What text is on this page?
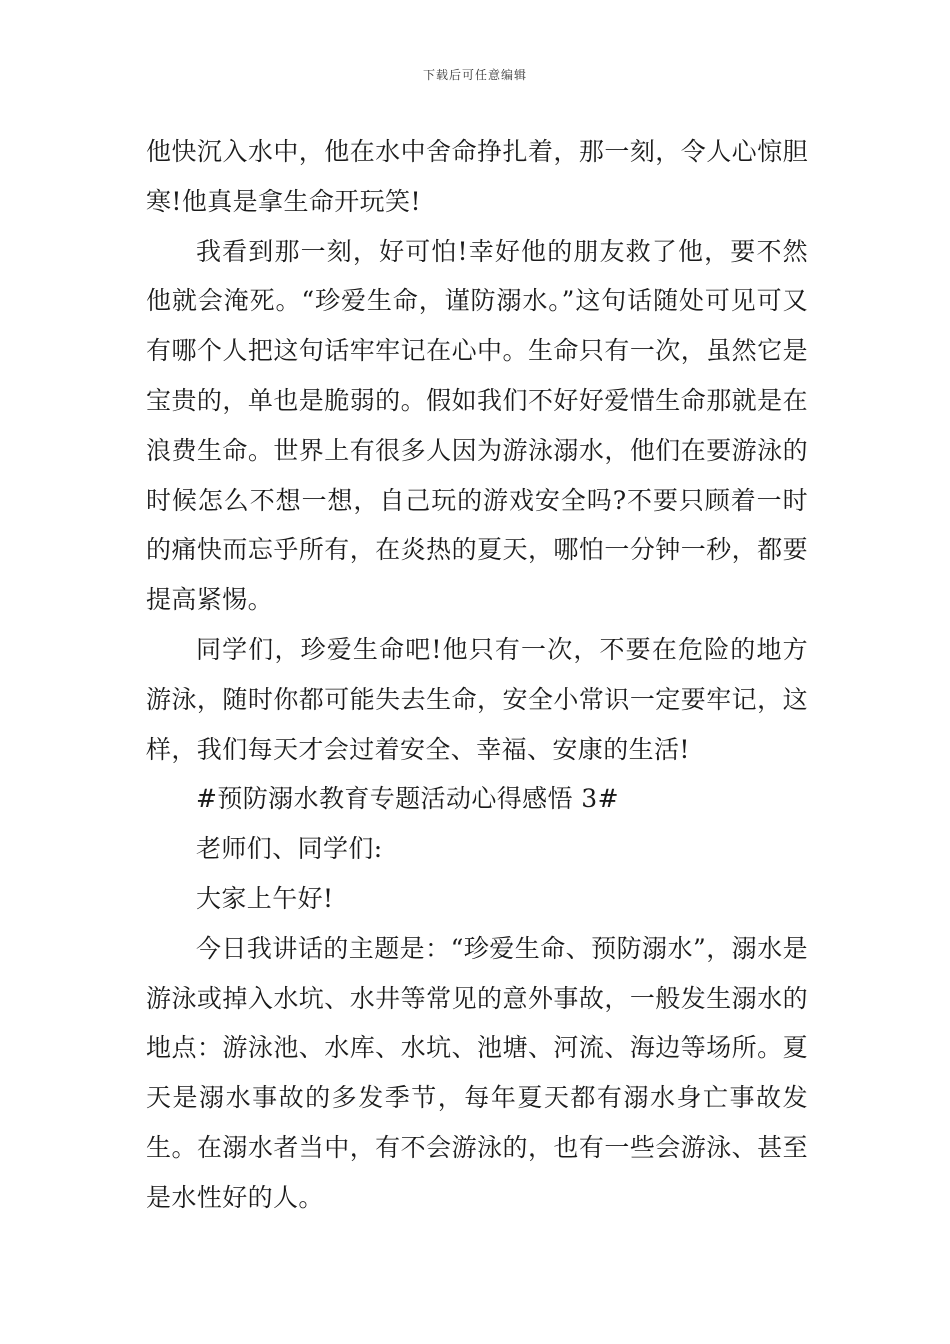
下载后可任意编辑

他快沉入水中，他在水中舍命挣扎着，那一刻，令人心惊胆寒!他真是拿生命开玩笑!

我看到那一刻，好可怕!幸好他的朋友救了他，要不然他就会淹死。“珍爱生命，谨防溺水。”这句话随处可见可又有哪个人把这句话牢牢记在心中。生命只有一次，虽然它是宝贵的，单也是脆弱的。假如我们不好好爱惜生命那就是在浪费生命。世界上有很多人因为游泳溺水，他们在要游泳的时候怎么不想一想，自己玩的游戏安全吗?不要只顾着一时的痛快而忘乎所有，在炎热的夏天，哪怕一分钟一秒，都要提高紧惕。

同学们，珍爱生命吧!他只有一次，不要在危险的地方游泳，随时你都可能失去生命，安全小常识一定要牢记，这样，我们每天才会过着安全、幸福、安康的生活!

#预防溺水教育专题活动心得感悟 3#

老师们、同学们:

大家上午好!

今日我讲话的主题是：“珍爱生命、预防溺水”，溺水是游泳或掉入水坑、水井等常见的意外事故，一般发生溺水的地点：游泳池、水库、水坑、池塘、河流、海边等场所。夏天是溺水事故的多发季节，每年夏天都有溺水身亡事故发生。在溺水者当中，有不会游泳的，也有一些会游泳、甚至是水性好的人。
